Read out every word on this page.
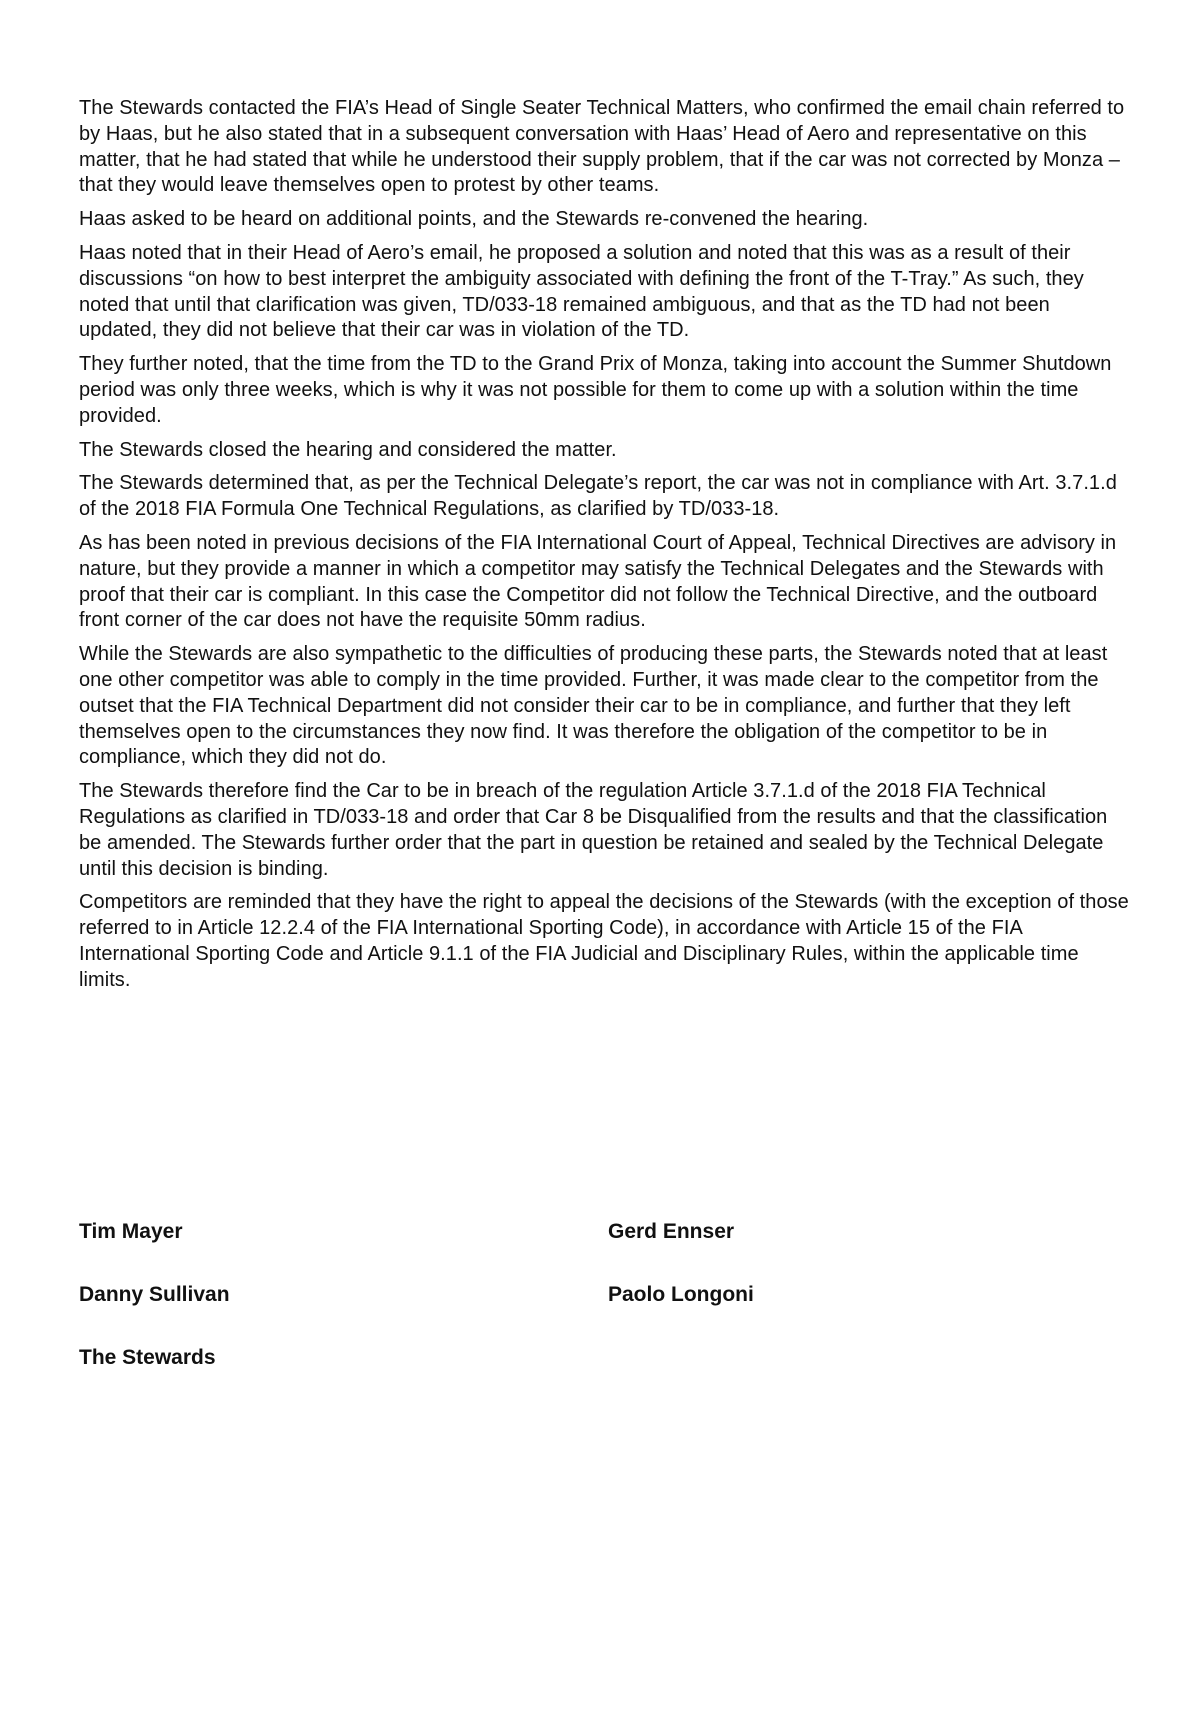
The Stewards contacted the FIA’s Head of Single Seater Technical Matters, who confirmed the email chain referred to by Haas, but he also stated that in a subsequent conversation with Haas’ Head of Aero and representative on this matter, that he had stated that while he understood their supply problem, that if the car was not corrected by Monza – that they would leave themselves open to protest by other teams.

Haas asked to be heard on additional points, and the Stewards re-convened the hearing.

Haas noted that in their Head of Aero’s email, he proposed a solution and noted that this was as a result of their discussions “on how to best interpret the ambiguity associated with defining the front of the T-Tray.” As such, they noted that until that clarification was given, TD/033-18 remained ambiguous, and that as the TD had not been updated, they did not believe that their car was in violation of the TD.

They further noted, that the time from the TD to the Grand Prix of Monza, taking into account the Summer Shutdown period was only three weeks, which is why it was not possible for them to come up with a solution within the time provided.

The Stewards closed the hearing and considered the matter.

The Stewards determined that, as per the Technical Delegate’s report, the car was not in compliance with Art. 3.7.1.d of the 2018 FIA Formula One Technical Regulations, as clarified by TD/033-18.

As has been noted in previous decisions of the FIA International Court of Appeal, Technical Directives are advisory in nature, but they provide a manner in which a competitor may satisfy the Technical Delegates and the Stewards with proof that their car is compliant. In this case the Competitor did not follow the Technical Directive, and the outboard front corner of the car does not have the requisite 50mm radius.

While the Stewards are also sympathetic to the difficulties of producing these parts, the Stewards noted that at least one other competitor was able to comply in the time provided. Further, it was made clear to the competitor from the outset that the FIA Technical Department did not consider their car to be in compliance, and further that they left themselves open to the circumstances they now find. It was therefore the obligation of the competitor to be in compliance, which they did not do.

The Stewards therefore find the Car to be in breach of the regulation Article 3.7.1.d of the 2018 FIA Technical Regulations as clarified in TD/033-18 and order that Car 8 be Disqualified from the results and that the classification be amended. The Stewards further order that the part in question be retained and sealed by the Technical Delegate until this decision is binding.

Competitors are reminded that they have the right to appeal the decisions of the Stewards (with the exception of those referred to in Article 12.2.4 of the FIA International Sporting Code), in accordance with Article 15 of the FIA International Sporting Code and Article 9.1.1 of the FIA Judicial and Disciplinary Rules, within the applicable time limits.

Tim Mayer	Gerd Ennser
Danny Sullivan	Paolo Longoni
The Stewards
